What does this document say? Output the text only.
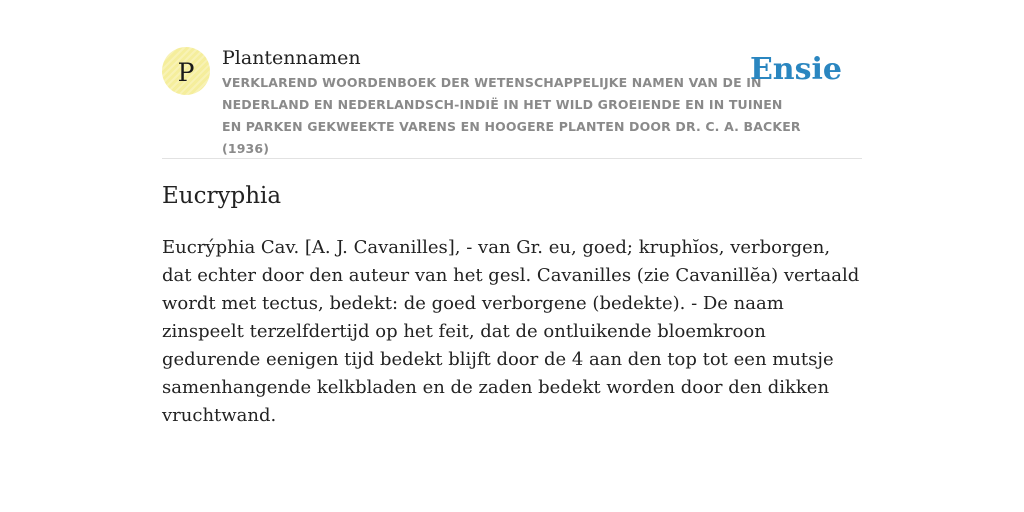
P Plantennamen
VERKLAREND WOORDENBOEK DER WETENSCHAPPELIJKE NAMEN VAN DE IN NEDERLAND EN NEDERLANDSCH-INDIË IN HET WILD GROEIENDE EN IN TUINEN EN PARKEN GEKWEEKTE VARENS EN HOOGERE PLANTEN DOOR DR. C. A. BACKER (1936)
Ensie
Eucryphia

Eucrýphia Cav. [A. J. Cavanilles], - van Gr. eu, goed; kruphĭos, verborgen, dat echter door den auteur van het gesl. Cavanilles (zie Cavanillĕa) vertaald wordt met tectus, bedekt: de goed verborgene (bedekte). - De naam zinspeelt terzelfdertijd op het feit, dat de ontluikende bloemkroon gedurende eenigen tijd bedekt blijft door de 4 aan den top tot een mutsje samenhangende kelkbladen en de zaden bedekt worden door den dikken vruchtwand.
